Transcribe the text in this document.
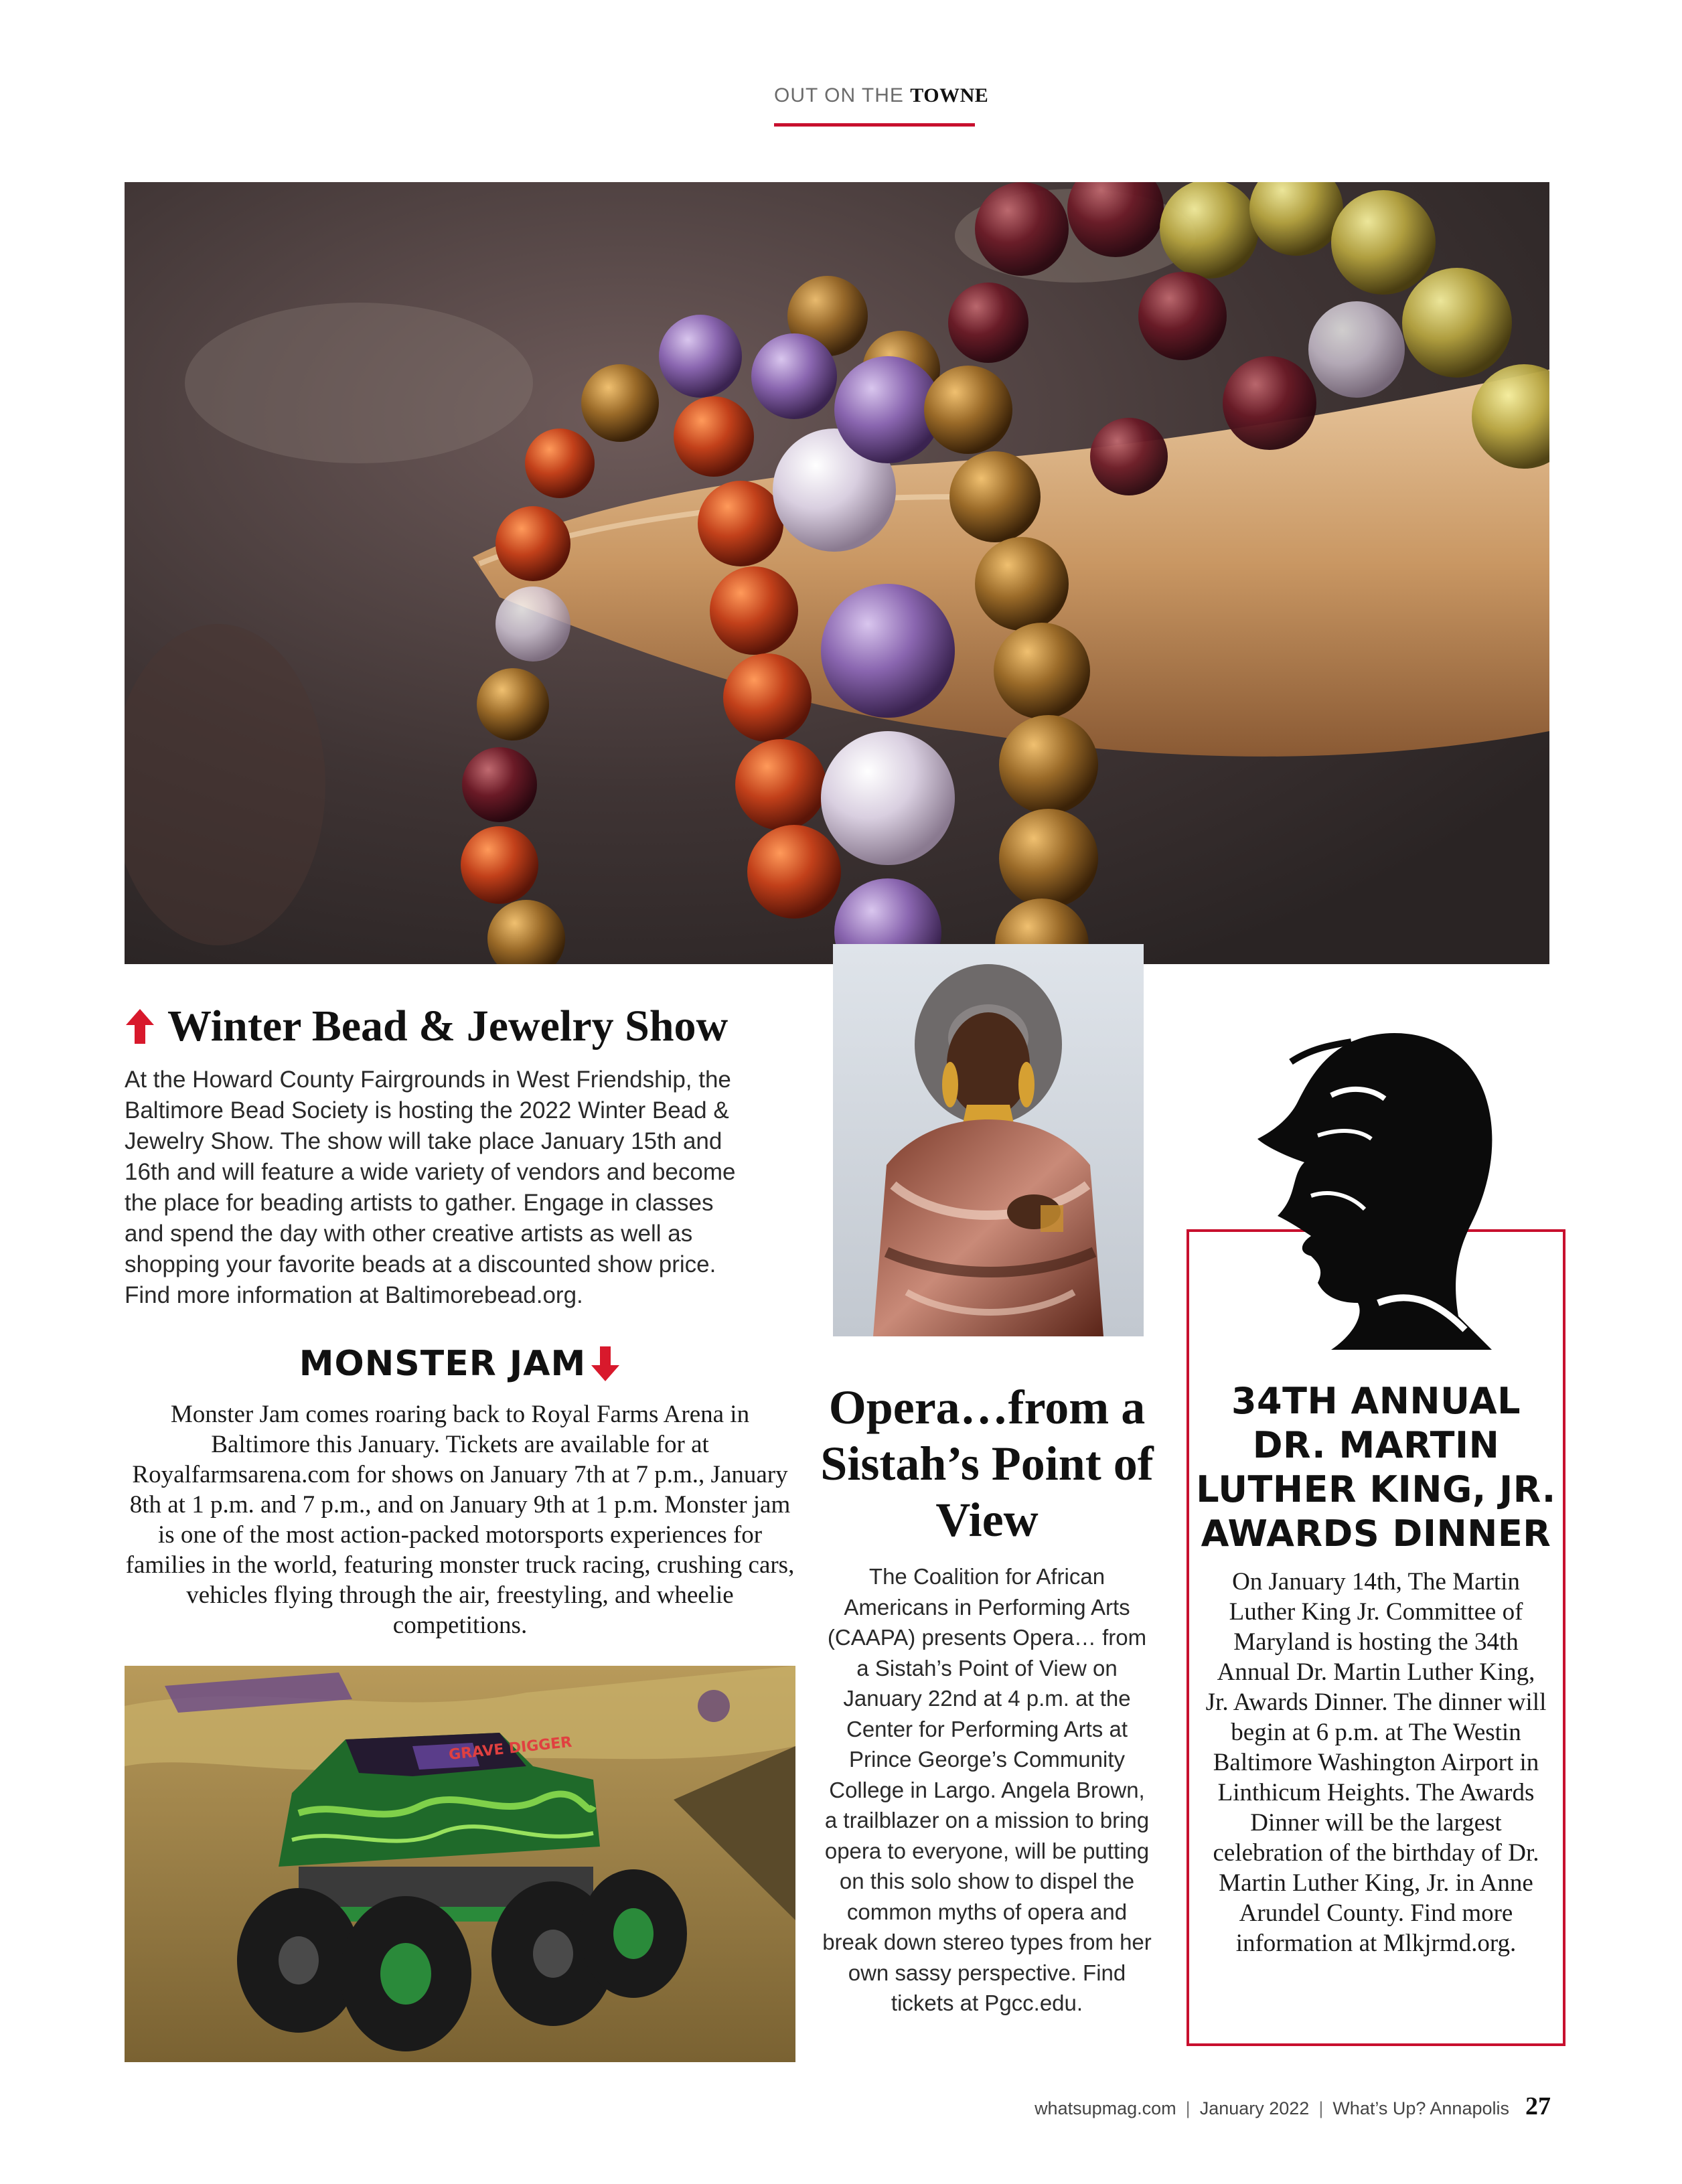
OUT ON THE TOWNE
Winter Bead & Jewelry Show
At the Howard County Fairgrounds in West Friendship, the Baltimore Bead Society is hosting the 2022 Winter Bead & Jewelry Show. The show will take place January 15th and 16th and will feature a wide variety of vendors and become the place for beading artists to gather. Engage in classes and spend the day with other creative artists as well as shopping your favorite beads at a discounted show price. Find more information at Baltimorebead.org.
MONSTER JAM
Monster Jam comes roaring back to Royal Farms Arena in Baltimore this January. Tickets are available for at Royalfarmsarena.com for shows on January 7th at 7 p.m., January 8th at 1 p.m. and 7 p.m., and on January 9th at 1 p.m. Monster jam is one of the most action-packed motorsports experiences for families in the world, featuring monster truck racing, crushing cars, vehicles flying through the air, freestyling, and wheelie competitions.
GRAVE DIGGER
Opera…from a Sistah’s Point of View
The Coalition for African Americans in Performing Arts (CAAPA) presents Opera… from a Sistah’s Point of View on January 22nd at 4 p.m. at the Center for Performing Arts at Prince George’s Community College in Largo. Angela Brown, a trailblazer on a mission to bring opera to everyone, will be putting on this solo show to dispel the common myths of opera and break down stereo types from her own sassy perspective. Find tickets at Pgcc.edu.
34TH ANNUAL DR. MARTIN LUTHER KING, JR. AWARDS DINNER
On January 14th, The Martin Luther King Jr. Committee of Maryland is hosting the 34th Annual Dr. Martin Luther King, Jr. Awards Dinner. The dinner will begin at 6 p.m. at The Westin Baltimore Washington Airport in Linthicum Heights. The Awards Dinner will be the largest celebration of the birthday of Dr. Martin Luther King, Jr. in Anne Arundel County. Find more information at Mlkjrmd.org.
whatsupmag.com | January 2022 | What’s Up? Annapolis 27
